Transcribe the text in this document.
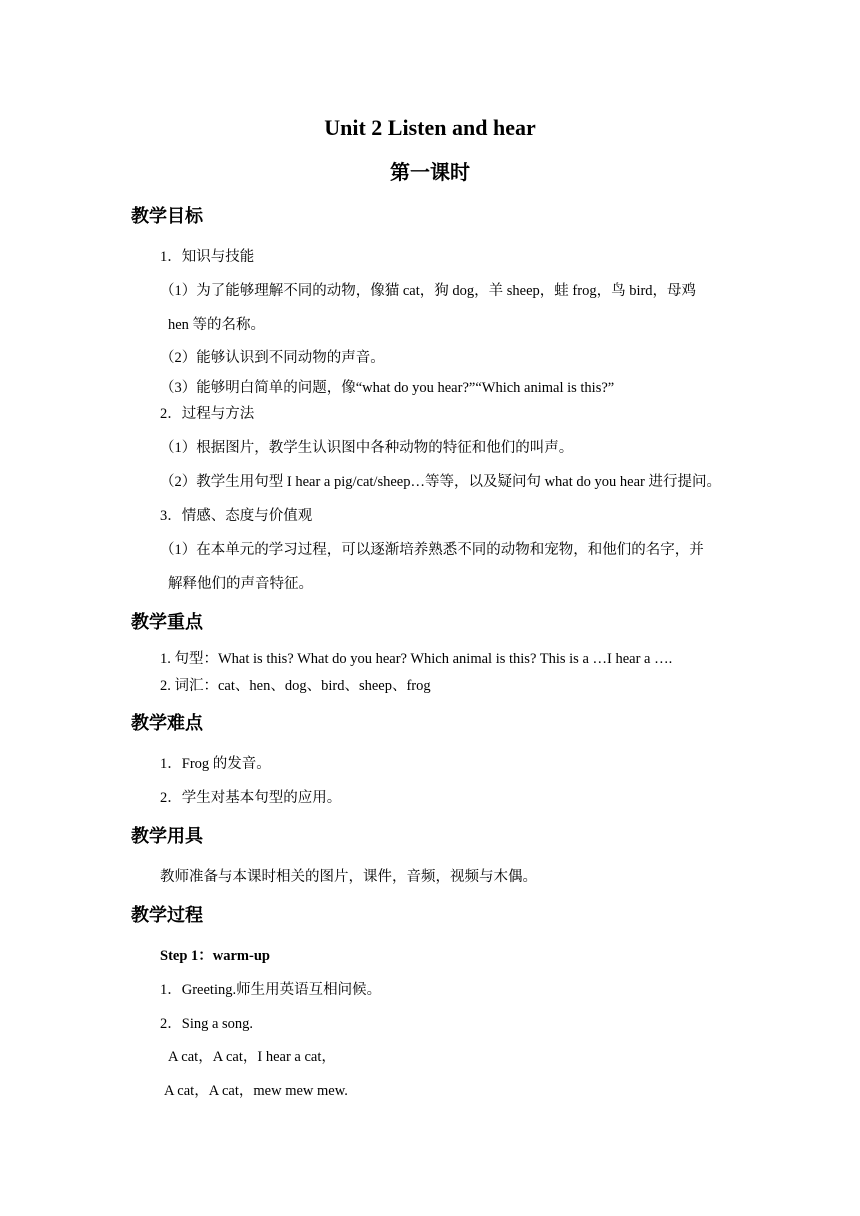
Unit 2 Listen and hear
第一课时
教学目标
1．知识与技能
（1）为了能够理解不同的动物，像猫 cat，狗 dog，羊 sheep，蛙 frog，鸟 bird，母鸡
hen 等的名称。
（2）能够认识到不同动物的声音。
（3）能够明白简单的问题，像“what do you hear?”“Which animal is this?”
2．过程与方法
（1）根据图片，教学生认识图中各种动物的特征和他们的叫声。
（2）教学生用句型 I hear a pig/cat/sheep…等等，以及疑问句 what do you hear 进行提问。
3．情感、态度与价值观
（1）在本单元的学习过程，可以逐渐培养熟悉不同的动物和宠物，和他们的名字，并
解释他们的声音特征。
教学重点
1. 句型：What is this? What do you hear? Which animal is this? This is a …I hear a ….
2. 词汇：cat、hen、dog、bird、sheep、frog
教学难点
1．Frog 的发音。
2．学生对基本句型的应用。
教学用具
教师准备与本课时相关的图片，课件，音频，视频与木偶。
教学过程
Step 1：warm-up
1．Greeting.师生用英语互相问候。
2．Sing a song.
A cat，A cat，I hear a cat，
A cat，A cat，mew mew mew.
